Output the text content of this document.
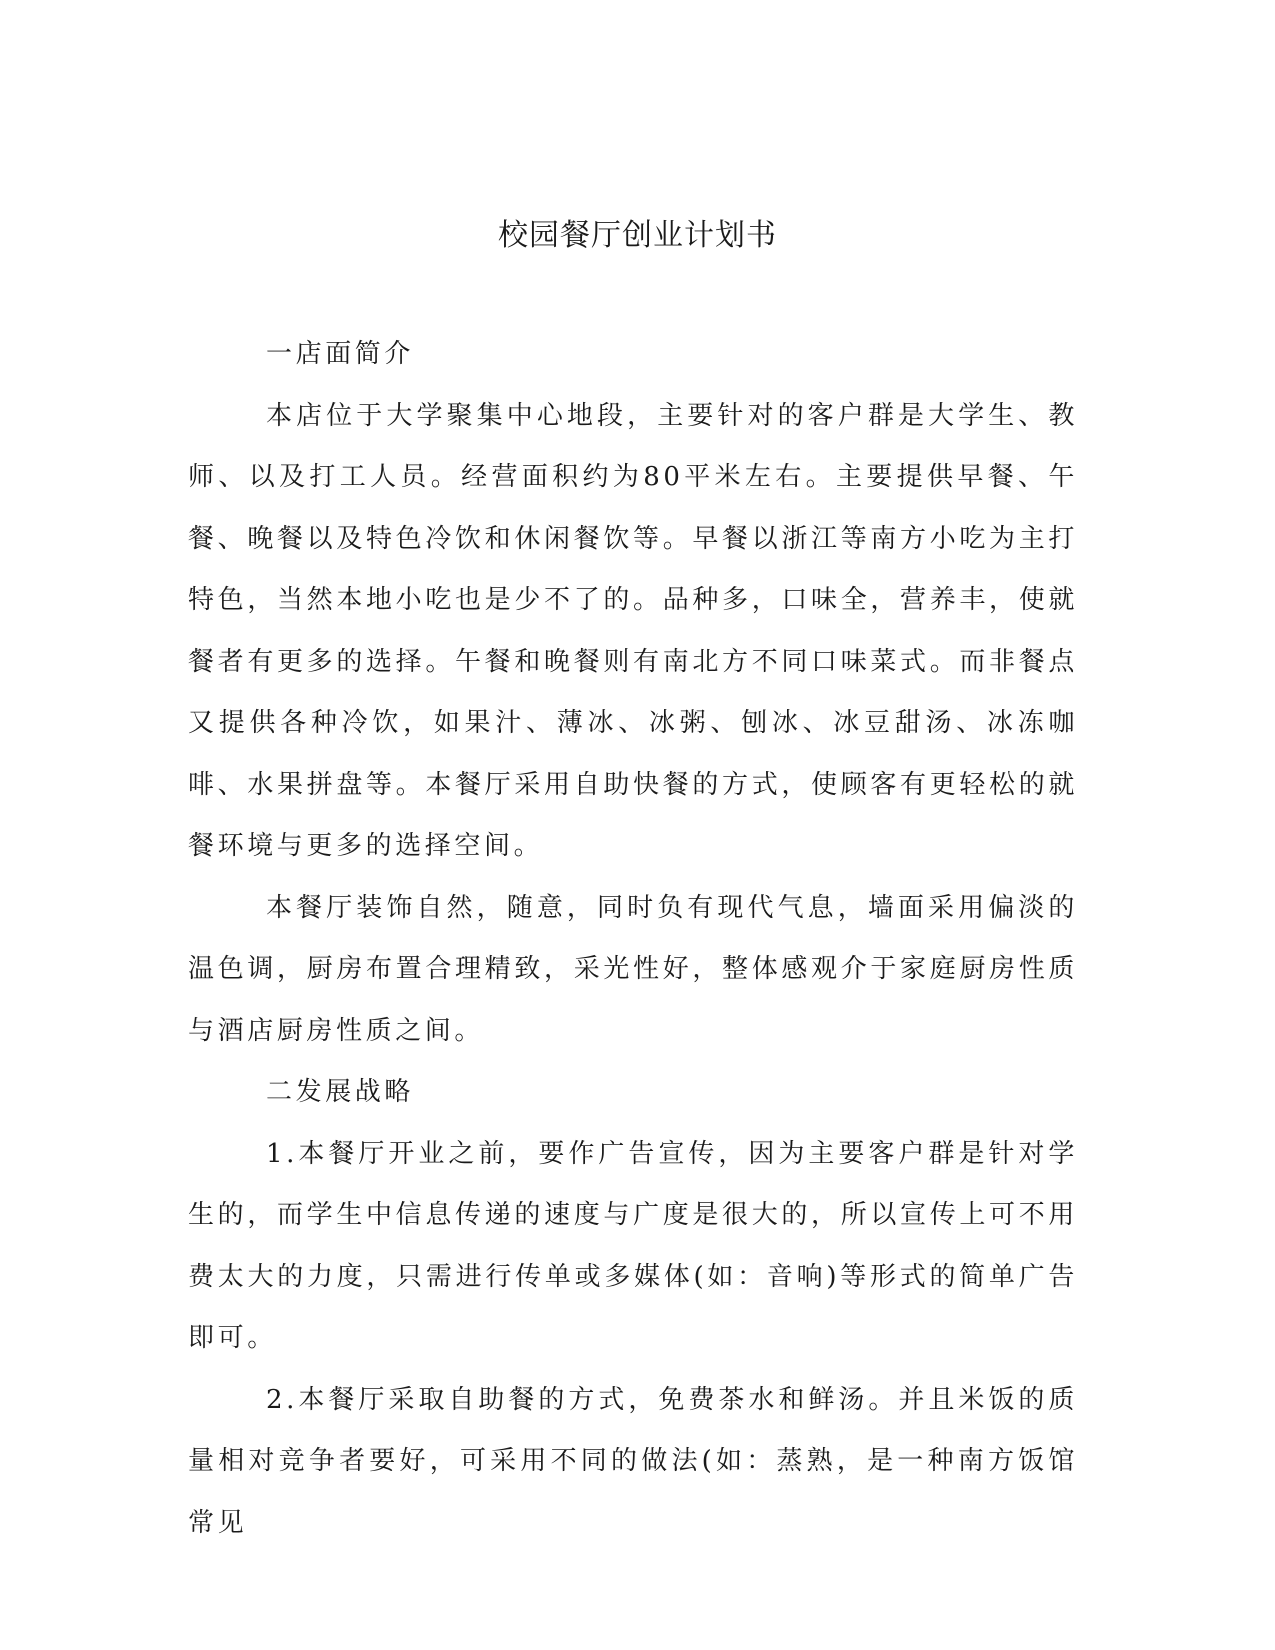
校园餐厅创业计划书

一店面简介

本店位于大学聚集中心地段，主要针对的客户群是大学生、教师、以及打工人员。经营面积约为80平米左右。主要提供早餐、午餐、晚餐以及特色冷饮和休闲餐饮等。早餐以浙江等南方小吃为主打特色，当然本地小吃也是少不了的。品种多，口味全，营养丰，使就餐者有更多的选择。午餐和晚餐则有南北方不同口味菜式。而非餐点又提供各种冷饮，如果汁、薄冰、冰粥、刨冰、冰豆甜汤、冰冻咖啡、水果拼盘等。本餐厅采用自助快餐的方式，使顾客有更轻松的就餐环境与更多的选择空间。

本餐厅装饰自然，随意，同时负有现代气息，墙面采用偏淡的温色调，厨房布置合理精致，采光性好，整体感观介于家庭厨房性质与酒店厨房性质之间。

二发展战略

1.本餐厅开业之前，要作广告宣传，因为主要客户群是针对学生的，而学生中信息传递的速度与广度是很大的，所以宣传上可不用费太大的力度，只需进行传单或多媒体(如：音响)等形式的简单广告即可。

2.本餐厅采取自助餐的方式，免费茶水和鲜汤。并且米饭的质量相对竞争者要好，可采用不同的做法(如：蒸熟，是一种南方饭馆常见
